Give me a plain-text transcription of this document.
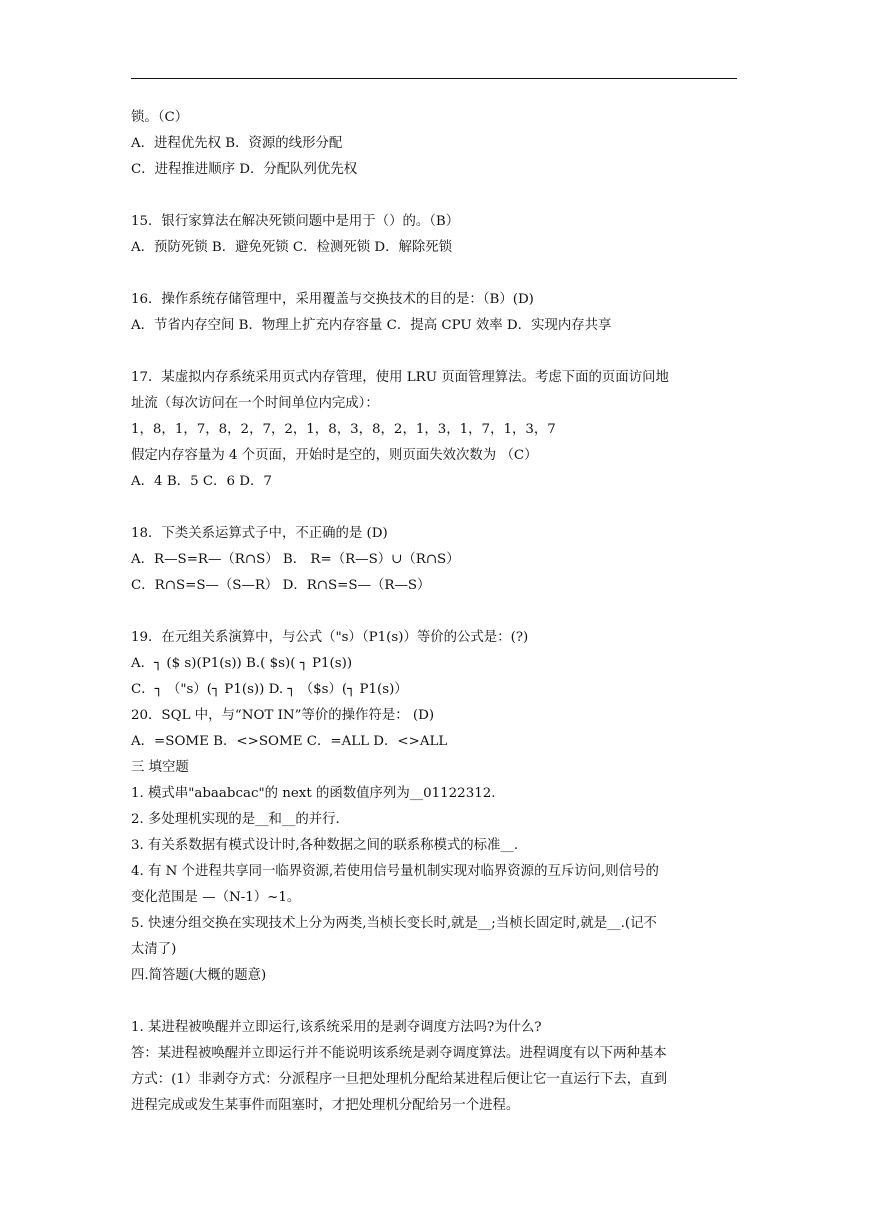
锁。（C）
A．进程优先权 B．资源的线形分配
C．进程推进顺序 D．分配队列优先权
15．银行家算法在解决死锁问题中是用于（）的。（B）
A．预防死锁 B．避免死锁 C．检测死锁 D．解除死锁
16．操作系统存储管理中，采用覆盖与交换技术的目的是：（B）(D)
A．节省内存空间 B．物理上扩充内存容量 C．提高 CPU 效率 D．实现内存共享
17．某虚拟内存系统采用页式内存管理，使用 LRU 页面管理算法。考虑下面的页面访问地
址流（每次访问在一个时间单位内完成）：
1，8，1，7，8，2，7，2，1，8，3，8，2，1，3，1，7，1，3，7
假定内存容量为 4 个页面，开始时是空的，则页面失效次数为 （C）
A．4 B．5 C．6 D．7
18．下类关系运算式子中，不正确的是 (D)
A．R—S=R—（R∩S） B． R=（R—S）∪（R∩S）
C．R∩S=S—（S—R） D．R∩S=S—（R—S）
19．在元组关系演算中，与公式（"s）（P1(s)）等价的公式是：(?)
A．┐ ($ s)(P1(s)) B.( $s)( ┐ P1(s))
C．┐ （"s）(┐ P1(s)) D. ┐ （$s）(┐ P1(s)）
20．SQL 中，与“NOT IN”等价的操作符是： (D)
A．=SOME B．<>SOME C．=ALL D．<>ALL
三 填空题
1. 模式串"abaabcac"的 next 的函数值序列为__01122312.
2. 多处理机实现的是__和__的并行.
3. 有关系数据有模式设计时,各种数据之间的联系称模式的标准__.
4. 有 N 个进程共享同一临界资源,若使用信号量机制实现对临界资源的互斥访问,则信号的
变化范围是 —（N-1）~1。
5. 快速分组交换在实现技术上分为两类,当桢长变长时,就是__;当桢长固定时,就是__.(记不
太清了)
四.简答题(大概的题意)
1. 某进程被唤醒并立即运行,该系统采用的是剥夺调度方法吗?为什么?
答：某进程被唤醒并立即运行并不能说明该系统是剥夺调度算法。进程调度有以下两种基本
方式：(1）非剥夺方式：分派程序一旦把处理机分配给某进程后便让它一直运行下去，直到
进程完成或发生某事件而阻塞时，才把处理机分配给另一个进程。
